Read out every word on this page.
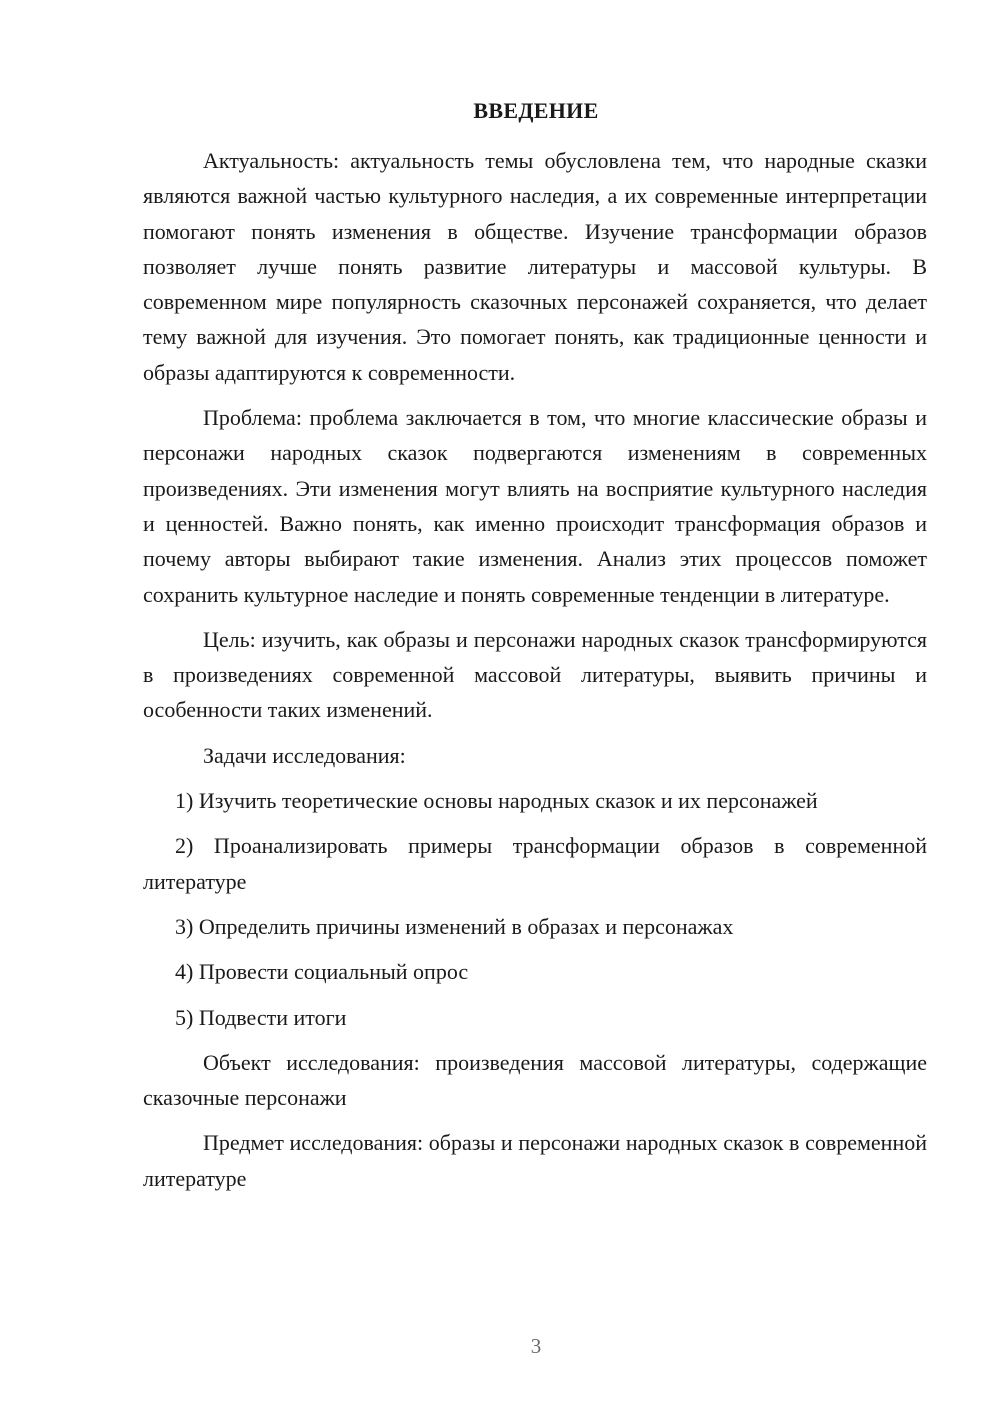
ВВЕДЕНИЕ

Актуальность: актуальность темы обусловлена тем, что народные сказки являются важной частью культурного наследия, а их современные интерпретации помогают понять изменения в обществе. Изучение трансформации образов позволяет лучше понять развитие литературы и массовой культуры. В современном мире популярность сказочных персонажей сохраняется, что делает тему важной для изучения. Это помогает понять, как традиционные ценности и образы адаптируются к современности.

Проблема: проблема заключается в том, что многие классические образы и персонажи народных сказок подвергаются изменениям в современных произведениях. Эти изменения могут влиять на восприятие культурного наследия и ценностей. Важно понять, как именно происходит трансформация образов и почему авторы выбирают такие изменения. Анализ этих процессов поможет сохранить культурное наследие и понять современные тенденции в литературе.

Цель: изучить, как образы и персонажи народных сказок трансформируются в произведениях современной массовой литературы, выявить причины и особенности таких изменений.

Задачи исследования:

1) Изучить теоретические основы народных сказок и их персонажей

2) Проанализировать примеры трансформации образов в современной литературе

3) Определить причины изменений в образах и персонажах

4) Провести социальный опрос

5) Подвести итоги

Объект исследования: произведения массовой литературы, содержащие сказочные персонажи

Предмет исследования: образы и персонажи народных сказок в современной литературе

3
